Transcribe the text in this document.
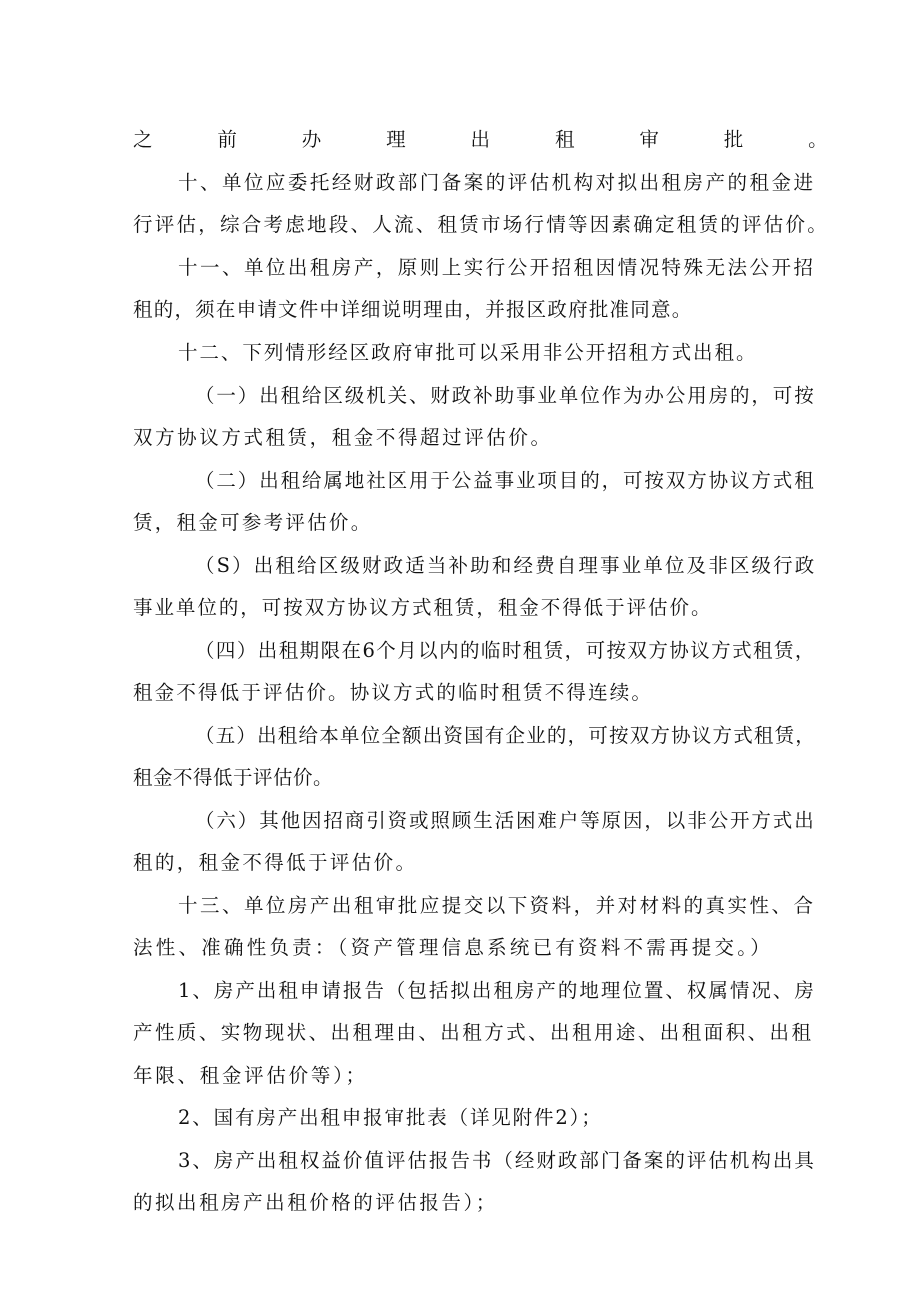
之前办理出租审批。
十、单位应委托经财政部门备案的评估机构对拟出租房产的租金进
行评估，综合考虑地段、人流、租赁市场行情等因素确定租赁的评估价。
十一、单位出租房产，原则上实行公开招租因情况特殊无法公开招
租的，须在申请文件中详细说明理由，并报区政府批准同意。
十二、下列情形经区政府审批可以采用非公开招租方式出租。
（一）出租给区级机关、财政补助事业单位作为办公用房的，可按
双方协议方式租赁，租金不得超过评估价。
（二）出租给属地社区用于公益事业项目的，可按双方协议方式租
赁，租金可参考评估价。
（S）出租给区级财政适当补助和经费自理事业单位及非区级行政
事业单位的，可按双方协议方式租赁，租金不得低于评估价。
（四）出租期限在6个月以内的临时租赁，可按双方协议方式租赁，
租金不得低于评估价。协议方式的临时租赁不得连续。
（五）出租给本单位全额出资国有企业的，可按双方协议方式租赁，
租金不得低于评估价。
（六）其他因招商引资或照顾生活困难户等原因，以非公开方式出
租的，租金不得低于评估价。
十三、单位房产出租审批应提交以下资料，并对材料的真实性、合
法性、准确性负责：（资产管理信息系统已有资料不需再提交。）
1、房产出租申请报告（包括拟出租房产的地理位置、权属情况、房
产性质、实物现状、出租理由、出租方式、出租用途、出租面积、出租
年限、租金评估价等）；
2、国有房产出租申报审批表（详见附件2）；
3、房产出租权益价值评估报告书（经财政部门备案的评估机构出具
的拟出租房产出租价格的评估报告）；
